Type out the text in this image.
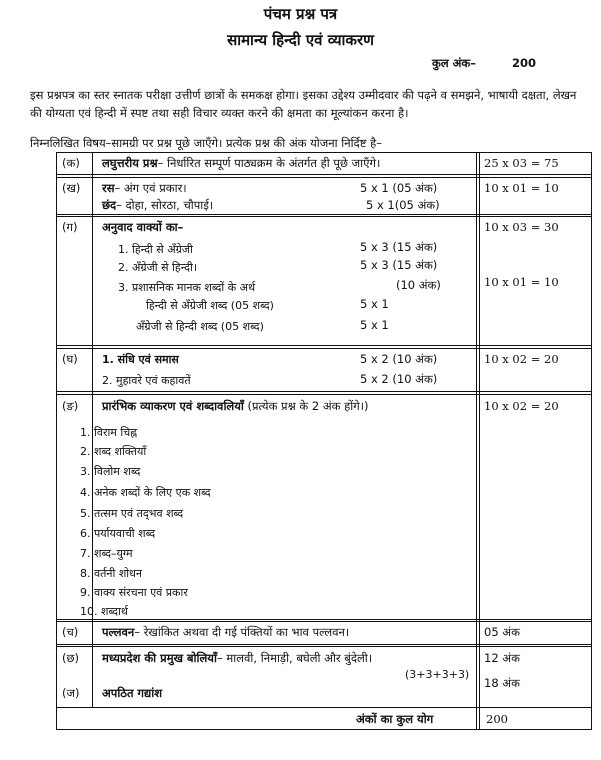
पंचम प्रश्न पत्र
सामान्य हिन्दी एवं व्याकरण
कुल अंक–	200
इस प्रश्नपत्र का स्तर स्नातक परीक्षा उत्तीर्ण छात्रों के समकक्ष होगा। इसका उद्देश्य उम्मीदवार की पढ़ने व समझने, भाषायी दक्षता, लेखन की योग्यता एवं हिन्दी में स्पष्ट तथा सही विचार व्यक्त करने की क्षमता का मूल्यांकन करना है।
निम्नलिखित विषय–सामग्री पर प्रश्न पूछे जाएँगे। प्रत्येक प्रश्न की अंक योजना निर्दिष्ट है–
(क) लघुत्तरीय प्रश्न– निर्धारित सम्पूर्ण पाठ्यक्रम के अंतर्गत ही पूछे जाएँगे।	25 x 03 = 75
(ख) रस– अंग एवं प्रकार।	5 x 1 (05 अंक)
छंद– दोहा, सोरठा, चौपाई।	5 x 1(05 अंक)
10 x 01 = 10
(ग) अनुवाद वाक्यों का–	10 x 03 = 30
1. हिन्दी से अँग्रेजी	5 x 3 (15 अंक)
2. अँग्रेजी से हिन्दी।	5 x 3 (15 अंक)
3. प्रशासनिक मानक शब्दों के अर्थ	(10 अंक)	10 x 01 = 10
हिन्दी से अँग्रेजी शब्द (05 शब्द)	5 x 1
अँग्रेजी से हिन्दी शब्द (05 शब्द)	5 x 1
(घ) 1. संधि एवं समास	5 x 2 (10 अंक)
2. मुहावरे एवं कहावतें	5 x 2 (10 अंक)
10 x 02 = 20
(ङ) प्रारंभिक व्याकरण एवं शब्दावलियाँ (प्रत्येक प्रश्न के 2 अंक होंगे।)	10 x 02 = 20
1. विराम चिह्न
2. शब्द शक्तियाँ
3. विलोम शब्द
4. अनेक शब्दों के लिए एक शब्द
5. तत्सम एवं तद्‌भव शब्द
6. पर्यायवाची शब्द
7. शब्द–युग्म
8. वर्तनी शोधन
9. वाक्य संरचना एवं प्रकार
10. शब्दार्थ
(च) पल्लवन– रेखांकित अथवा दी गई पंक्तियों का भाव पल्लवन।	05 अंक
(छ) मध्यप्रदेश की प्रमुख बोलियाँ– मालवी, निमाड़ी, बघेली और बुंदेली।
(3+3+3+3)
12 अंक
(ज) अपठित गद्यांश
18 अंक
अंकों का कुल योग	200
